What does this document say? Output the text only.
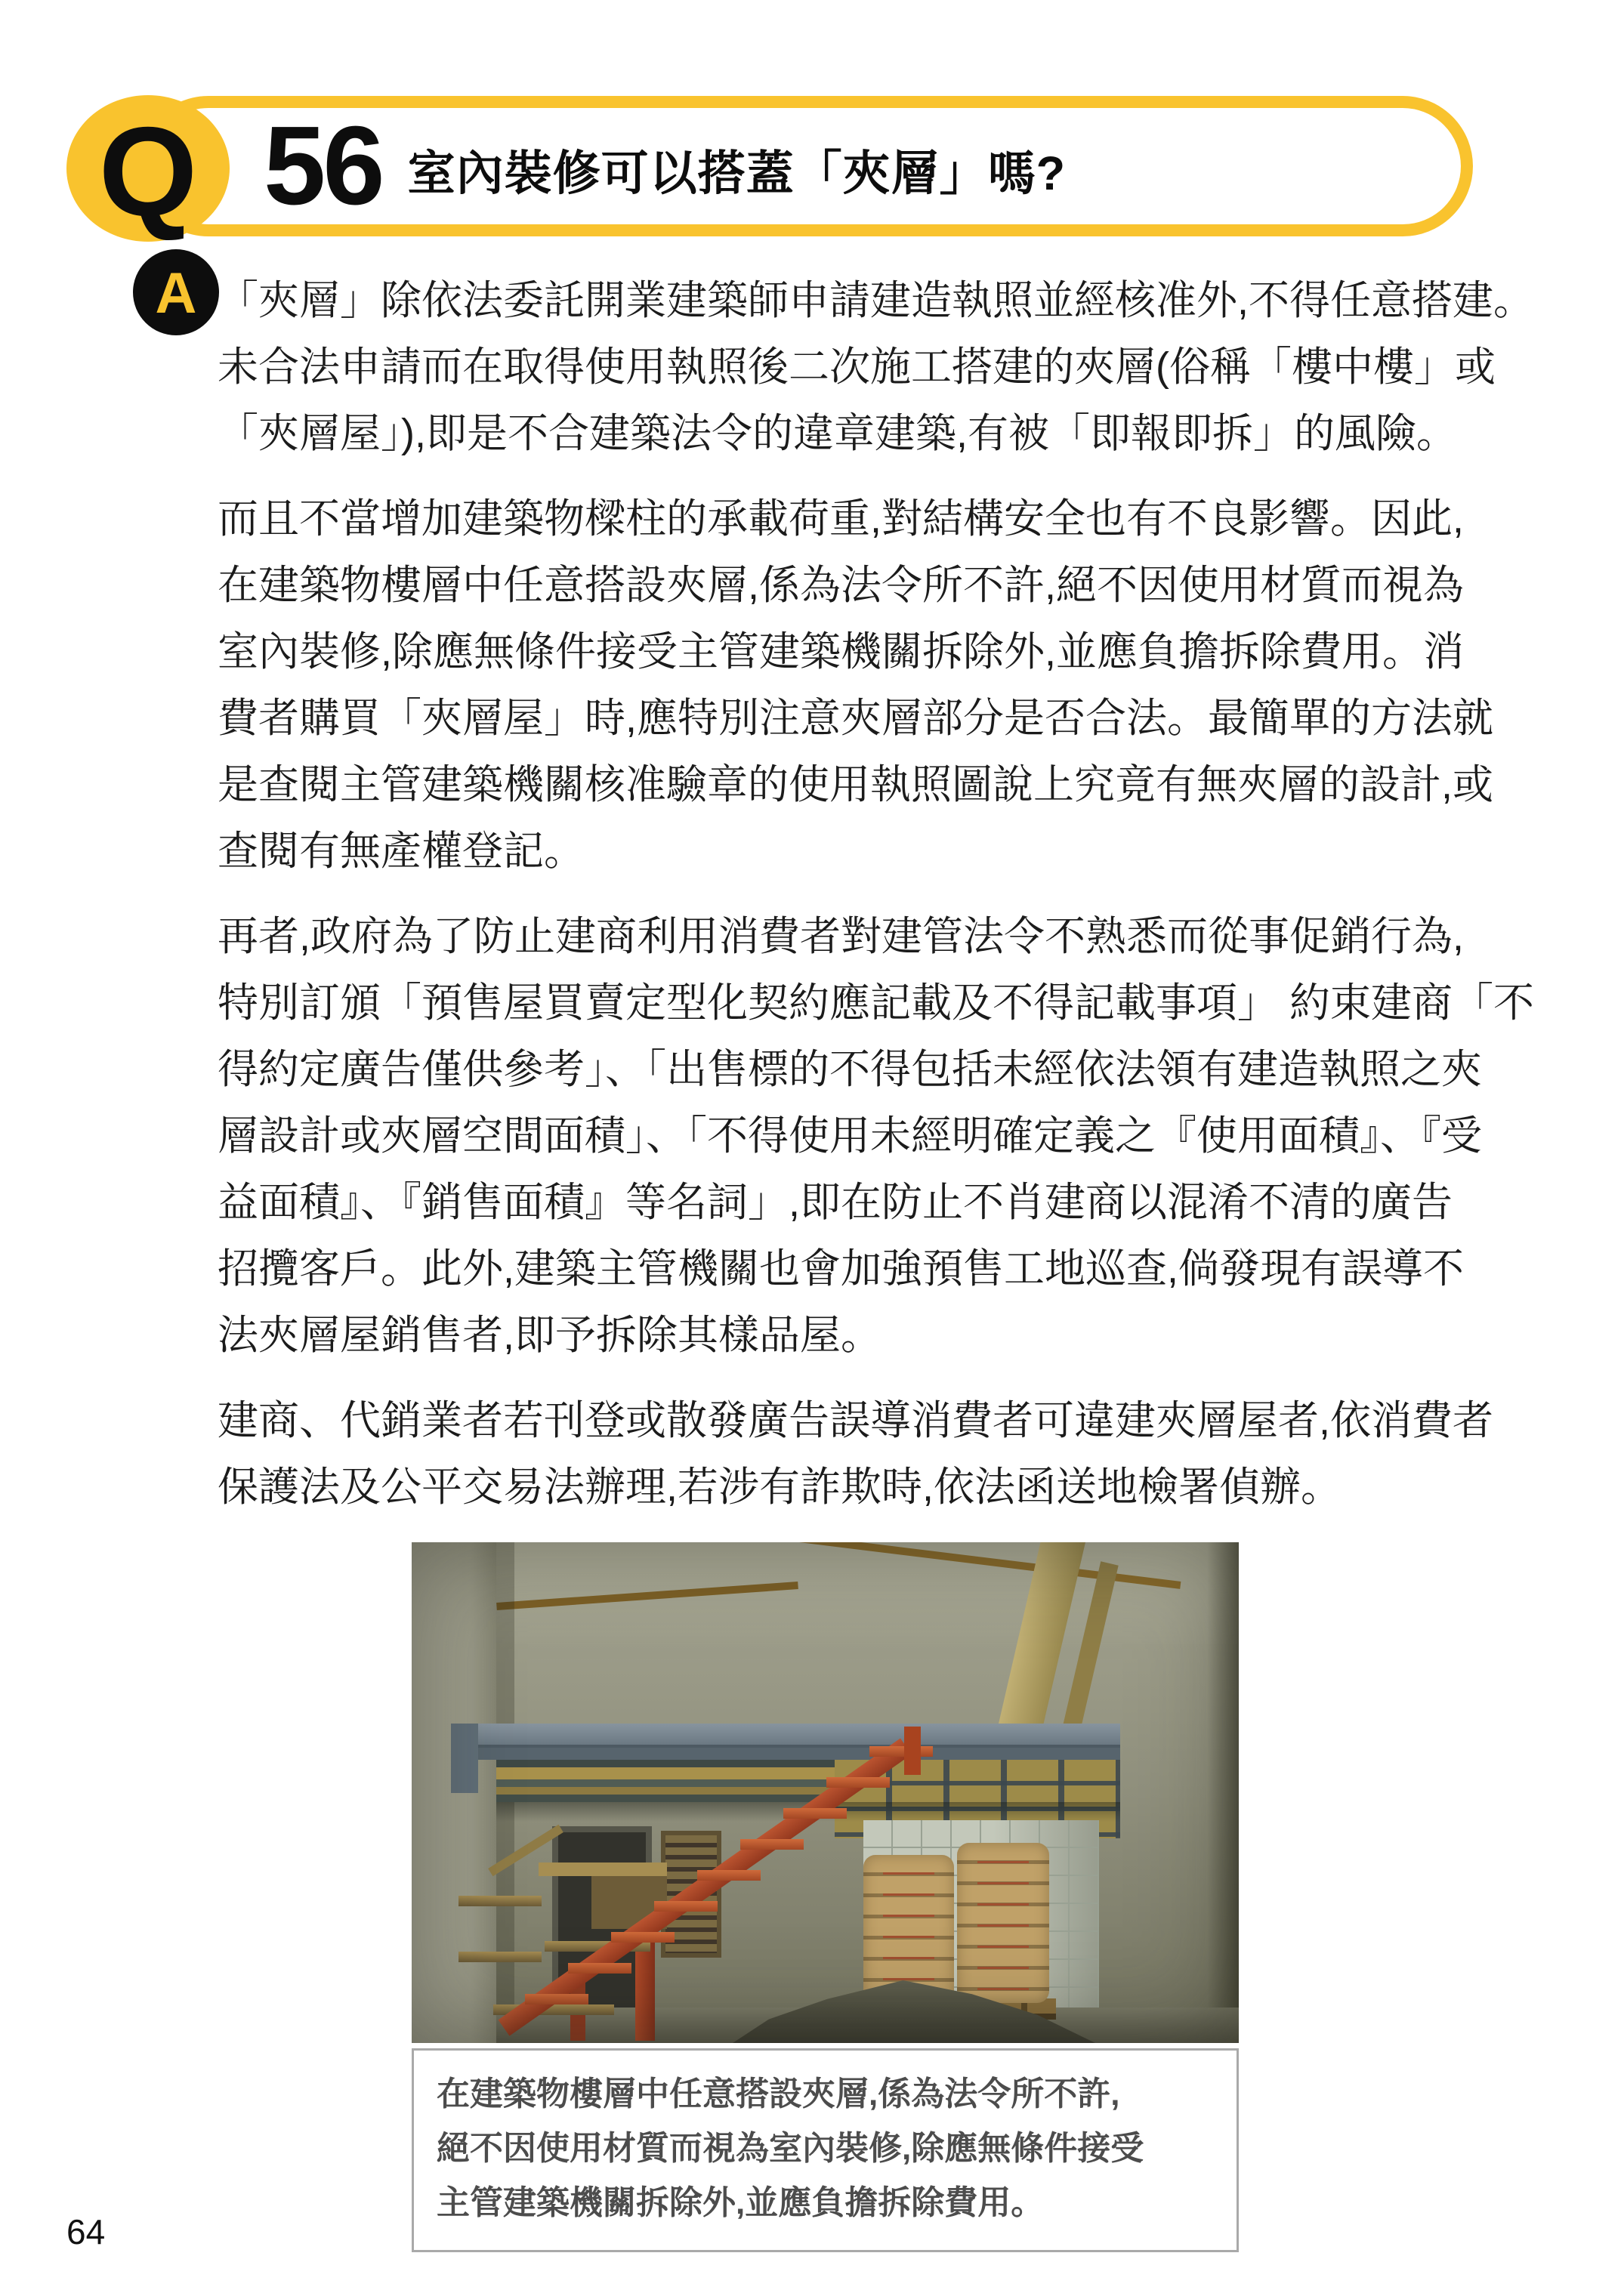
56 室內裝修可以搭蓋「夾層」嗎?
Q
A 「夾層」除依法委託開業建築師申請建造執照並經核准外,不得任意搭建。
未合法申請而在取得使用執照後二次施工搭建的夾層(俗稱「樓中樓」或
「夾層屋」),即是不合建築法令的違章建築,有被「即報即拆」的風險。
而且不當增加建築物樑柱的承載荷重,對結構安全也有不良影響。因此,
在建築物樓層中任意搭設夾層,係為法令所不許,絕不因使用材質而視為
室內裝修,除應無條件接受主管建築機關拆除外,並應負擔拆除費用。消
費者購買「夾層屋」時,應特別注意夾層部分是否合法。最簡單的方法就
是查閱主管建築機關核准驗章的使用執照圖說上究竟有無夾層的設計,或
查閱有無產權登記。
再者,政府為了防止建商利用消費者對建管法令不熟悉而從事促銷行為,
特別訂頒「預售屋買賣定型化契約應記載及不得記載事項」 約束建商「不
得約定廣告僅供參考」、「出售標的不得包括未經依法領有建造執照之夾
層設計或夾層空間面積」、「不得使用未經明確定義之『使用面積』、『受
益面積』、『銷售面積』等名詞」,即在防止不肖建商以混淆不清的廣告
招攬客戶。此外,建築主管機關也會加強預售工地巡查,倘發現有誤導不
法夾層屋銷售者,即予拆除其樣品屋。
建商、代銷業者若刊登或散發廣告誤導消費者可違建夾層屋者,依消費者
保護法及公平交易法辦理,若涉有詐欺時,依法函送地檢署偵辦。
在建築物樓層中任意搭設夾層,係為法令所不許,
絕不因使用材質而視為室內裝修,除應無條件接受
主管建築機關拆除外,並應負擔拆除費用。
64
